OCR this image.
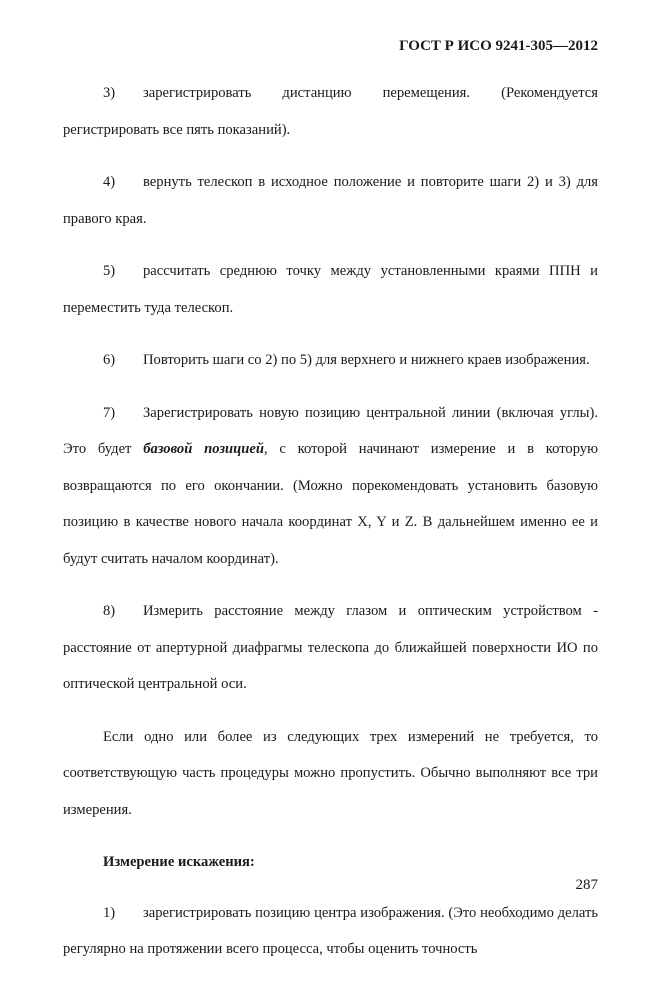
ГОСТ Р ИСО 9241-305—2012

3) зарегистрировать дистанцию перемещения. (Рекомендуется регистрировать все пять показаний).

4) вернуть телескоп в исходное положение и повторите шаги 2) и 3) для правого края.

5) рассчитать среднюю точку между установленными краями ППН и переместить туда телескоп.

6) Повторить шаги со 2) по 5) для верхнего и нижнего краев изображения.

7) Зарегистрировать новую позицию центральной линии (включая углы). Это будет базовой позицией, с которой начинают измерение и в которую возвращаются по его окончании. (Можно порекомендовать установить базовую позицию в качестве нового начала координат X, Y и Z. В дальнейшем именно ее и будут считать началом координат).

8) Измерить расстояние между глазом и оптическим устройством - расстояние от апертурной диафрагмы телескопа до ближайшей поверхности ИО по оптической центральной оси.

Если одно или более из следующих трех измерений не требуется, то соответствующую часть процедуры можно пропустить. Обычно выполняют все три измерения.

Измерение искажения:

1) зарегистрировать позицию центра изображения. (Это необходимо делать регулярно на протяжении всего процесса, чтобы оценить точность

287
